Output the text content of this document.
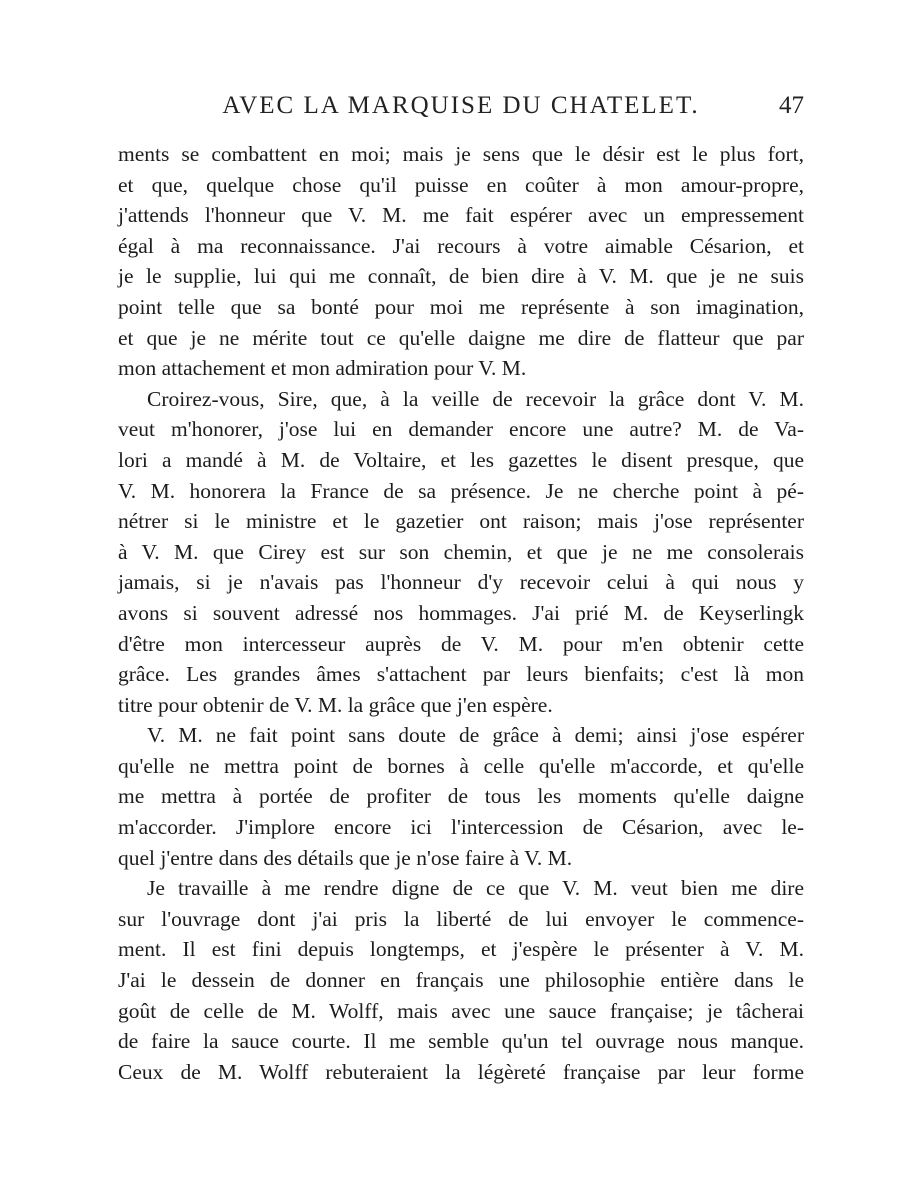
AVEC LA MARQUISE DU CHATELET.	47
ments se combattent en moi; mais je sens que le désir est le plus fort,
et que, quelque chose qu'il puisse en coûter à mon amour-propre,
j'attends l'honneur que V. M. me fait espérer avec un empressement
égal à ma reconnaissance. J'ai recours à votre aimable Césarion, et
je le supplie, lui qui me connaît, de bien dire à V. M. que je ne suis
point telle que sa bonté pour moi me représente à son imagination,
et que je ne mérite tout ce qu'elle daigne me dire de flatteur que par
mon attachement et mon admiration pour V. M.
Croirez-vous, Sire, que, à la veille de recevoir la grâce dont V. M.
veut m'honorer, j'ose lui en demander encore une autre? M. de Va-
lori a mandé à M. de Voltaire, et les gazettes le disent presque, que
V. M. honorera la France de sa présence. Je ne cherche point à pé-
nétrer si le ministre et le gazetier ont raison; mais j'ose représenter
à V. M. que Cirey est sur son chemin, et que je ne me consolerais
jamais, si je n'avais pas l'honneur d'y recevoir celui à qui nous y
avons si souvent adressé nos hommages. J'ai prié M. de Keyserlingk
d'être mon intercesseur auprès de V. M. pour m'en obtenir cette
grâce. Les grandes âmes s'attachent par leurs bienfaits; c'est là mon
titre pour obtenir de V. M. la grâce que j'en espère.
V. M. ne fait point sans doute de grâce à demi; ainsi j'ose espérer
qu'elle ne mettra point de bornes à celle qu'elle m'accorde, et qu'elle
me mettra à portée de profiter de tous les moments qu'elle daigne
m'accorder. J'implore encore ici l'intercession de Césarion, avec le-
quel j'entre dans des détails que je n'ose faire à V. M.
Je travaille à me rendre digne de ce que V. M. veut bien me dire
sur l'ouvrage dont j'ai pris la liberté de lui envoyer le commence-
ment. Il est fini depuis longtemps, et j'espère le présenter à V. M.
J'ai le dessein de donner en français une philosophie entière dans le
goût de celle de M. Wolff, mais avec une sauce française; je tâcherai
de faire la sauce courte. Il me semble qu'un tel ouvrage nous manque.
Ceux de M. Wolff rebuteraient la légèreté française par leur forme
